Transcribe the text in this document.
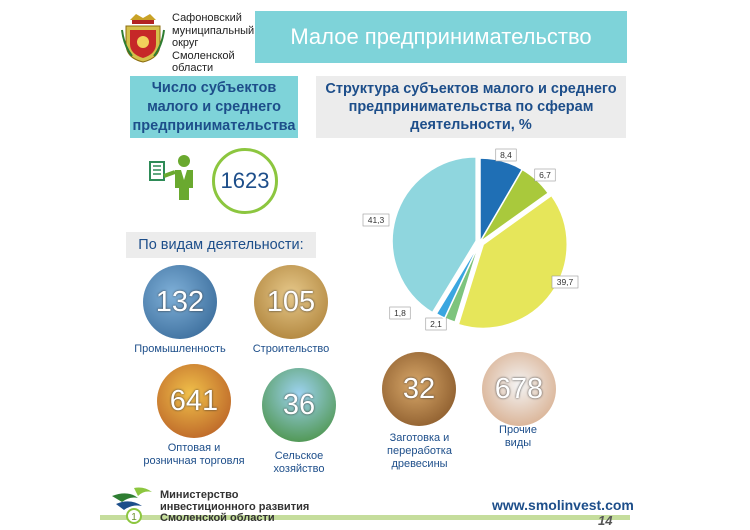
Сафоновский
муниципальный
округ
Смоленской
области
Малое предпринимательство
Число субъектов
малого и среднего
предпринимательства
1623
Структура субъектов малого и среднего
предпринимательства по сферам
деятельности, %
8,4
6,7
39,7
2,1
1,8
41,3
По видам деятельности:
132
Промышленность
105
Строительство
641
Оптовая и
розничная торговля
36
Сельское
хозяйство
32
Заготовка и
переработка
древесины
678
Прочие
виды
1
Министерство
инвестиционного развития
Смоленской области
www.smolinvest.com
14
